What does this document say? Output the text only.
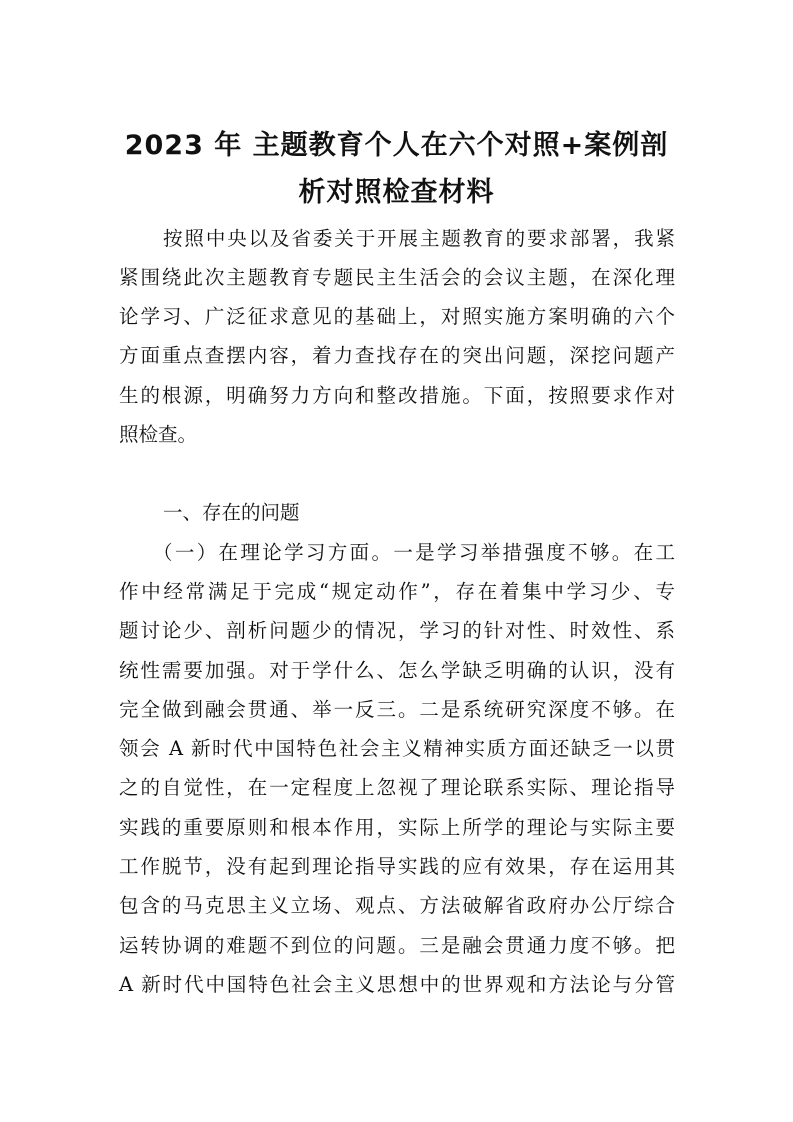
2023 年 主题教育个人在六个对照+案例剖
析对照检查材料

按照中央以及省委关于开展主题教育的要求部署，我紧

紧围绕此次主题教育专题民主生活会的会议主题，在深化理

论学习、广泛征求意见的基础上，对照实施方案明确的六个

方面重点查摆内容，着力查找存在的突出问题，深挖问题产

生的根源，明确努力方向和整改措施。下面，按照要求作对

照检查。

一、存在的问题

（一）在理论学习方面。一是学习举措强度不够。在工

作中经常满足于完成“规定动作”，存在着集中学习少、专

题讨论少、剖析问题少的情况，学习的针对性、时效性、系

统性需要加强。对于学什么、怎么学缺乏明确的认识，没有

完全做到融会贯通、举一反三。二是系统研究深度不够。在

领会 A 新时代中国特色社会主义精神实质方面还缺乏一以贯

之的自觉性，在一定程度上忽视了理论联系实际、理论指导

实践的重要原则和根本作用，实际上所学的理论与实际主要

工作脱节，没有起到理论指导实践的应有效果，存在运用其

包含的马克思主义立场、观点、方法破解省政府办公厅综合

运转协调的难题不到位的问题。三是融会贯通力度不够。把

A 新时代中国特色社会主义思想中的世界观和方法论与分管
